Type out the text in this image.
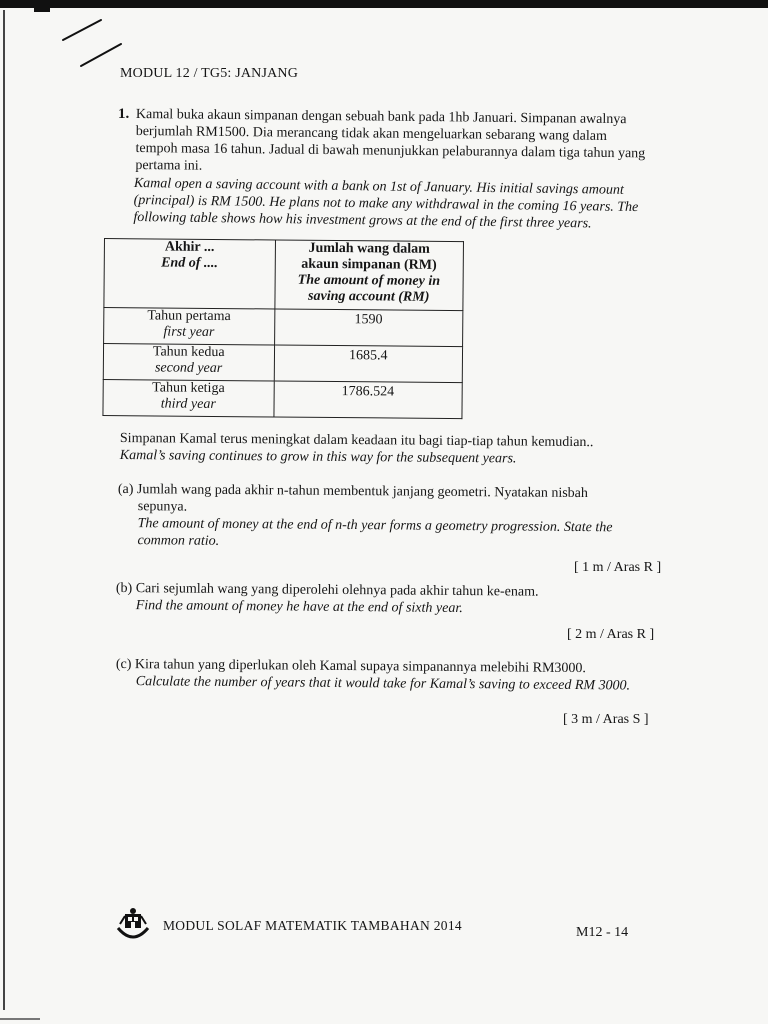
MODUL 12 / TG5: JANJANG
1. Kamal buka akaun simpanan dengan sebuah bank pada 1hb Januari. Simpanan awalnya

berjumlah RM1500. Dia merancang tidak akan mengeluarkan sebarang wang dalam

tempoh masa 16 tahun. Jadual di bawah menunjukkan pelaburannya dalam tiga tahun yang

pertama ini.

Kamal open a saving account with a bank on 1st of January. His initial savings amount

(principal) is RM 1500. He plans not to make any withdrawal in the coming 16 years. The

following table shows how his investment grows at the end of the first three years.

Akhir ...
End of ....	Jumlah wang dalam
akaun simpanan (RM)
The amount of money in
saving account (RM)

Tahun pertama
first year	1590
Tahun kedua
second year	1685.4
Tahun ketiga
third year	1786.524

Simpanan Kamal terus meningkat dalam keadaan itu bagi tiap-tiap tahun kemudian..

Kamal’s saving continues to grow in this way for the subsequent years.

(a) Jumlah wang pada akhir n-tahun membentuk janjang geometri. Nyatakan nisbah

sepunya.

The amount of money at the end of n-th year forms a geometry progression. State the

common ratio.

[ 1 m / Aras R ]

(b) Cari sejumlah wang yang diperolehi olehnya pada akhir tahun ke-enam.

Find the amount of money he have at the end of sixth year.

[ 2 m / Aras R ]

(c) Kira tahun yang diperlukan oleh Kamal supaya simpanannya melebihi RM3000.

Calculate the number of years that it would take for Kamal’s saving to exceed RM 3000.

[ 3 m / Aras S ]
MODUL SOLAF MATEMATIK TAMBAHAN 2014	M12 - 14
